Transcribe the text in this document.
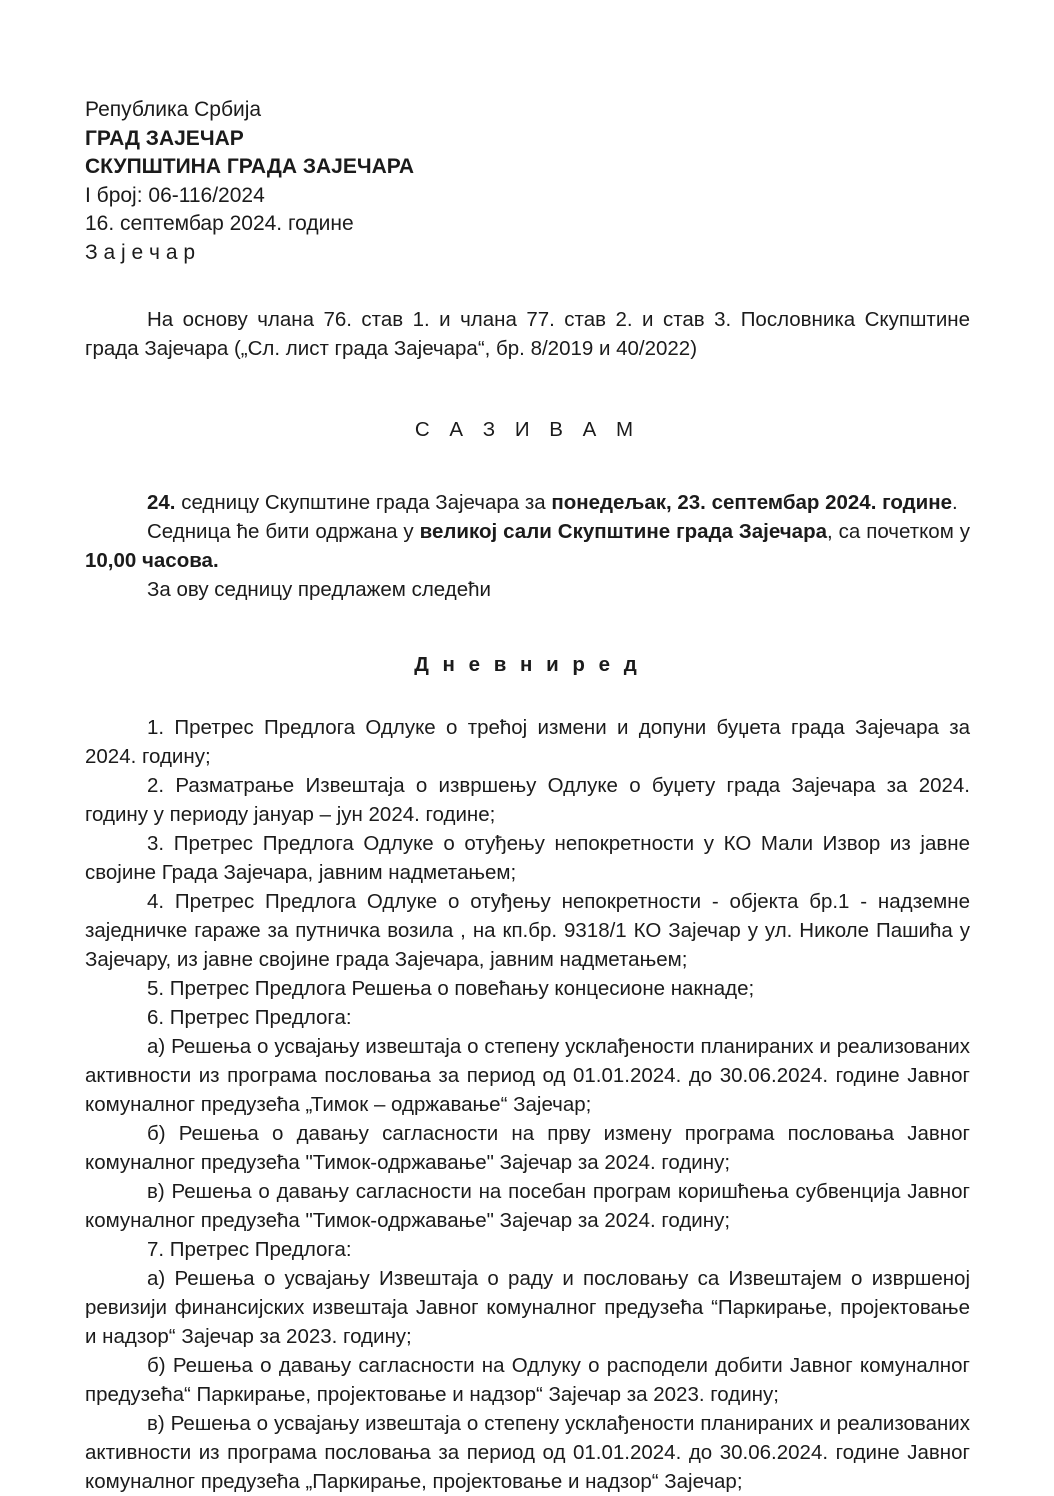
Република Србија
ГРАД ЗАЈЕЧАР
СКУПШТИНА ГРАДА ЗАЈЕЧАРА
I број: 06-116/2024
16. септембар 2024. године
З а ј е ч а р

На основу члана 76. став 1. и члана 77. став 2. и став 3. Пословника Скупштине града Зајечара („Сл. лист града Зајечара“, бр. 8/2019 и 40/2022)

С А З И В А М

24. седницу Скупштине града Зајечара за понедељак, 23. септембар 2024. године.

Седница ће бити одржана у великој сали Скупштине града Зајечара, са почетком у 10,00 часова.

За ову седницу предлажем следећи

Д н е в н и р е д

1. Претрес Предлога Одлуке о трећој измени и допуни буџета града Зајечара за 2024. годину;

2. Разматрање Извештаја о извршењу Одлуке о буџету града Зајечара за 2024. годину у периоду јануар – јун 2024. године;

3. Претрес Предлога Одлуке о отуђењу непокретности у КО Мали Извор из јавне својине Града Зајечара, јавним надметањем;

4. Претрес Предлога Одлуке о отуђењу непокретности - објекта бр.1 - надземне заједничке гараже за путничка возила , на кп.бр. 9318/1 КО Зајечар у ул. Николе Пашића у Зајечару, из јавне својине града Зајечара, јавним надметањем;

5. Претрес Предлога Решења о повећању концесионе накнаде;

6. Претрес Предлога:

а) Решења о усвајању извештаја о степену усклађености планираних и реализованих активности из програма пословања за период од 01.01.2024. до 30.06.2024. године Јавног комуналног предузећа „Тимок – одржавање“ Зајечар;

б) Решења о давању сагласности на прву измену програма пословања Јавног комуналног предузећа "Тимок-одржавање" Зајечар за 2024. годину;

в) Решења о давању сагласности на посебан програм коришћења субвенција Јавног комуналног предузећа "Тимок-одржавање" Зајечар за 2024. годину;

7. Претрес Предлога:

а) Решења о усвајању Извештаја о раду и пословању са Извештајем о извршеној ревизији финансијских извештаја Јавног комуналног предузећа “Паркирање, пројектовање и надзор“ Зајечар за 2023. годину;

б) Решења о давању сагласности на Одлуку о расподели добити Јавног комуналног предузећа“ Паркирање, пројектовање и надзор“ Зајечар за 2023. годину;

в) Решења о усвајању извештаја о степену усклађености планираних и реализованих активности из програма пословања за период од 01.01.2024. до 30.06.2024. године Јавног комуналног предузећа „Паркирање, пројектовање и надзор“ Зајечар;
